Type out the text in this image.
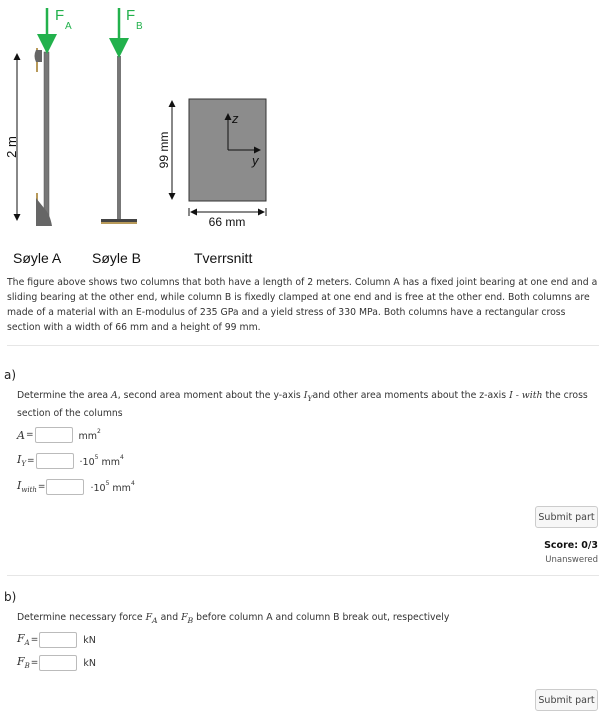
F
A
2 m
F
B
z
y
99 mm
66 mm
Søyle A Søyle B	Tverrsnitt

The figure above shows two columns that both have a length of 2 meters. Column A has a fixed joint bearing at one end and a sliding bearing at the other end, while column B is fixedly clamped at one end and is free at the other end. Both columns are made of a material with an E-modulus of 235 GPa and a yield stress of 330 MPa. Both columns have a rectangular cross section with a width of 66 mm and a height of 99 mm.

a)

Determine the area A, second area moment about the y-axis $I_Yand$ other area moments about the z-axis I - with the cross section of the columns

A =	$mm^2$
$I_Y$ =	$\cdot 10^5$ $mm^4$
$I_{with}$ =	$\cdot 10^5$ $mm^4$
Submit part
Score: 0/3
Unanswered
b)

Determine necessary force $F_A$ and $F_B$ before column A and column B break out, respectively

$F_A$ =	kN
$F_B$ =	kN
Submit part
